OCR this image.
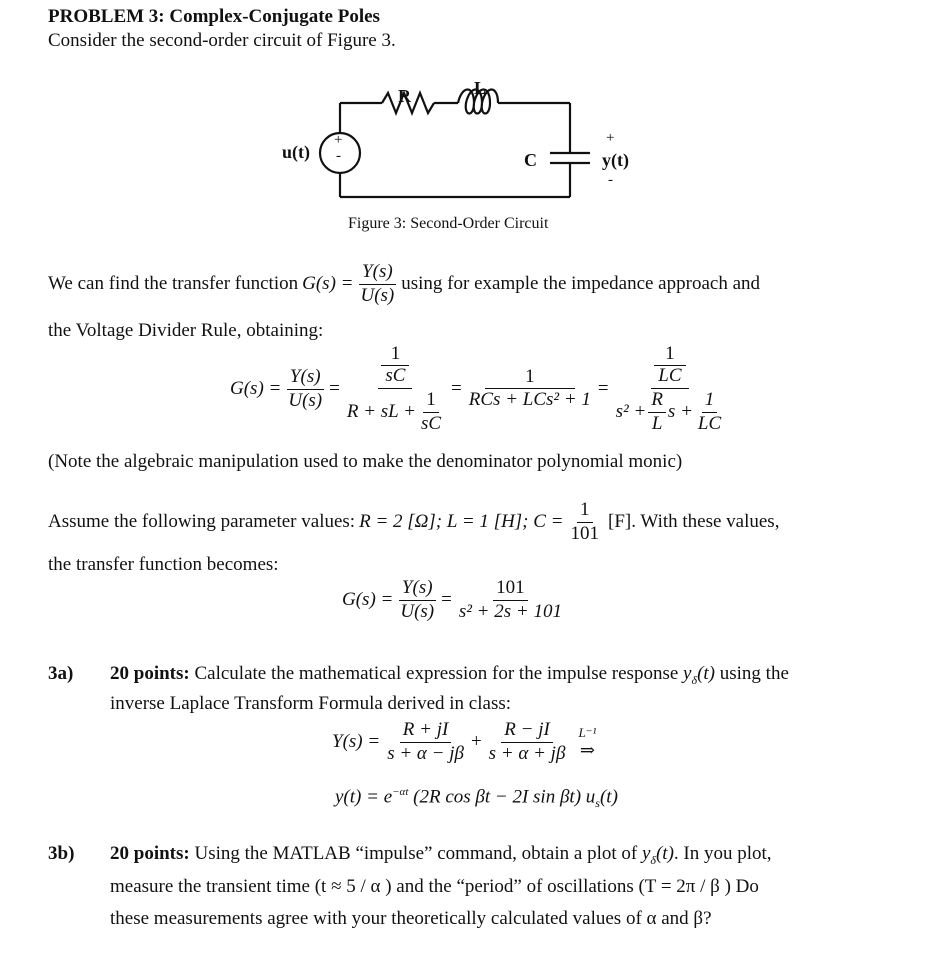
PROBLEM 3: Complex-Conjugate Poles
Consider the second-order circuit of Figure 3.
R	L
C
u(t)
+
-
+
y(t)
-
Figure 3: Second-Order Circuit
We can find the transfer function $G(s) = \frac{Y(s)}{U(s)}$ using for example the impedance approach and
the Voltage Divider Rule, obtaining:
$G(s) = \frac{Y(s)}{U(s)} = 1$
sC
R + sL + $\frac{1}{sC} = \frac{1}{\text{RCs + LCs² + 1}} = 1$
LC
$s^2 + \frac{R}{L}$ $s + \frac{1}{LC}$
(Note the algebraic manipulation used to make the denominator polynomial monic)
Assume the following parameter values: R = 2 [Ω]; L = 1 [H]; $C = \frac{1}{101} [F]$. With these values,
the transfer function becomes:
$G(s) = \frac{Y(s)}{U(s)} = \frac{101}{\text{s² + 2s + 101}}$
3a) 20 points: Calculate the mathematical expression for the impulse response $y_\delta(t)$ using the
inverse Laplace Transform Formula derived in class:
$Y(s) = \frac{R + jI}{s + \alpha - j\beta} + \frac{R - jI}{s + \alpha + j\beta} L^{-1}$
⇒
$y(t) = e^{-\alpha t}$ (2R cos βt − 2I sin βt) $u_s(t)$
3b) 20 points: Using the MATLAB “impulse” command, obtain a plot of $y_\delta(t)$. In you plot,
measure the transient time (t ≈ 5 / α ) and the “period” of oscillations (T = 2π / β ) Do
these measurements agree with your theoretically calculated values of α and β?
